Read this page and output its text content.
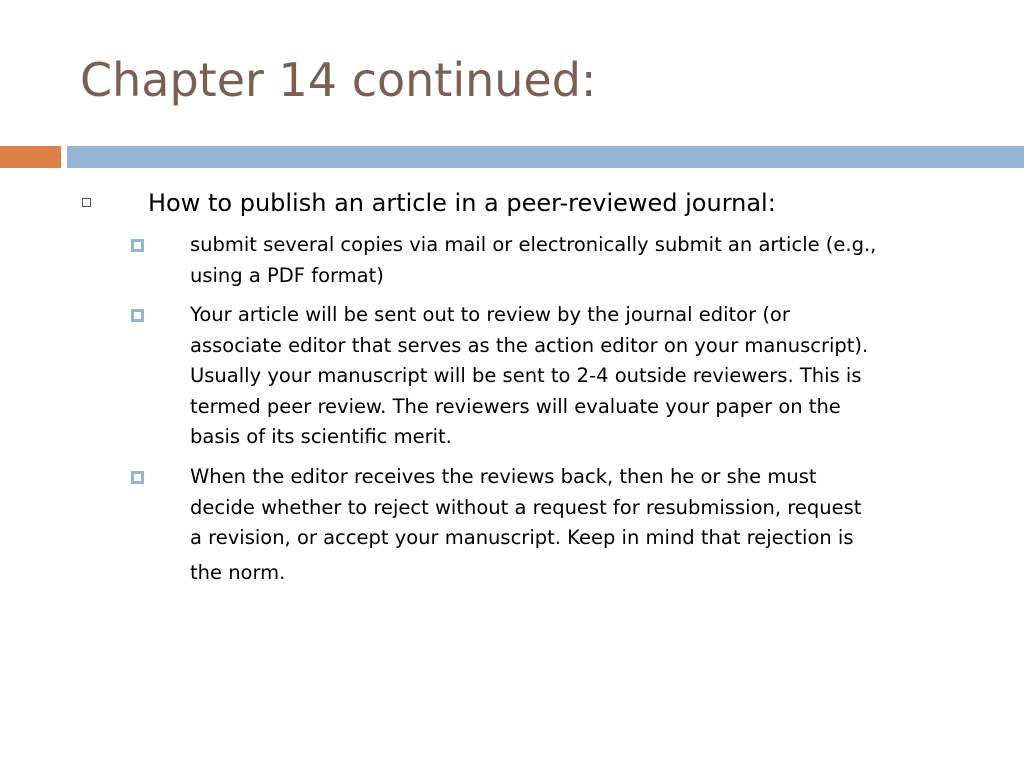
Chapter 14 continued:
How to publish an article in a peer-reviewed journal:
submit several copies via mail or electronically submit an article (e.g.,
using a PDF format)
Your article will be sent out to review by the journal editor (or
associate editor that serves as the action editor on your manuscript).
Usually your manuscript will be sent to 2-4 outside reviewers. This is
termed peer review. The reviewers will evaluate your paper on the
basis of its scientific merit.
When the editor receives the reviews back, then he or she must
decide whether to reject without a request for resubmission, request
a revision, or accept your manuscript. Keep in mind that rejection is
the norm.
